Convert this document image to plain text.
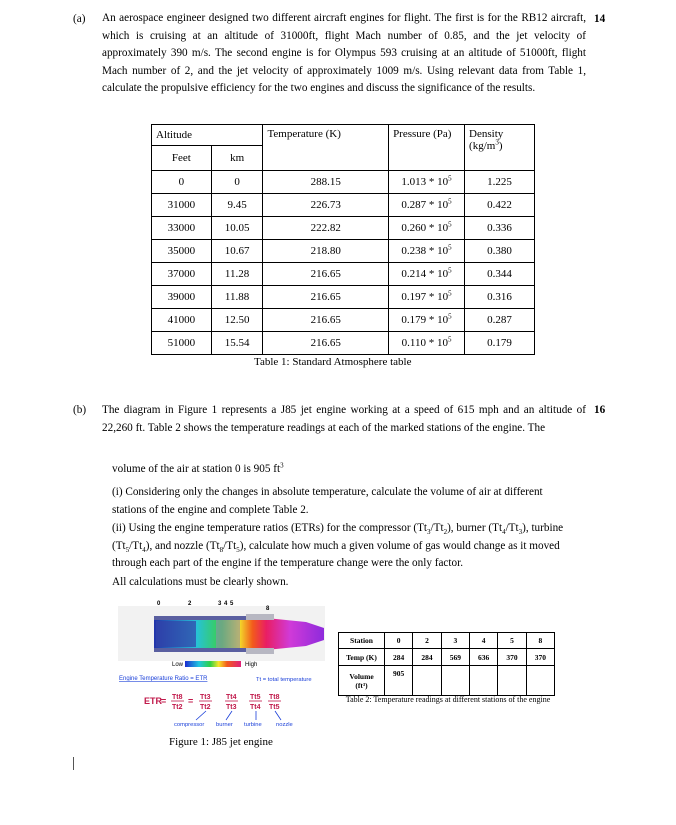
(a)	14
An aerospace engineer designed two different aircraft engines for flight. The first is for the RB12 aircraft, which is cruising at an altitude of 31000ft, flight Mach number of 0.85, and the jet velocity of approximately 390 m/s. The second engine is for Olympus 593 cruising at an altitude of 51000ft, flight Mach number of 2, and the jet velocity of approximately 1009 m/s. Using relevant data from Table 1, calculate the propulsive efficiency for the two engines and discuss the significance of the results.
Altitude		Temperature (K)	Pressure (Pa)	Density
$(kg/m^3)$
Feet	km			
0	0	288.15	$1.013 * 10^5$	1.225
31000	9.45	226.73	$0.287 * 10^5$	0.422
33000	10.05	222.82	$0.260 * 10^5$	0.336
35000	10.67	218.80	$0.238 * 10^5$	0.380
37000	11.28	216.65	$0.214 * 10^5$	0.344
39000	11.88	216.65	$0.197 * 10^5$	0.316
41000	12.50	216.65	$0.179 * 10^5$	0.287
51000	15.54	216.65	$0.110 * 10^5$	0.179
Table 1: Standard Atmosphere table
(b)	16
The diagram in Figure 1 represents a J85 jet engine working at a speed of 615 mph and an altitude of 22,260 ft. Table 2 shows the temperature readings at each of the marked stations of the engine. The
volume of the air at station 0 is 905 $ft^3$
(i) Considering only the changes in absolute temperature, calculate the volume of air at different stations of the engine and complete Table 2.
(ii) Using the engine temperature ratios (ETRs) for the compressor $(Tt_3/Tt_2)$, burner $(Tt_4/Tt_3)$, turbine $(Tt_5/Tt_4)$, and nozzle $(Tt_8/Tt_5)$, calculate how much a given volume of gas would change as it moved through each part of the engine if the temperature change were the only factor.
All calculations must be clearly shown.
0	2	3 4 5
8
Low	High
Engine Temperature Ratio = ETR	Tt = total temperature
ETR = Tt8
Tt2
= Tt3
Tt2
Tt4
Tt3
Tt5
Tt4
Tt8
Tt5
compressor burner turbine nozzle
Figure 1: J85 jet engine
Station	0	2	3	4	5	8
Temp (K)	284	284	569	636	370	370
Volume
(ft³)	905					
Table 2: Temperature readings at different stations of the engine
